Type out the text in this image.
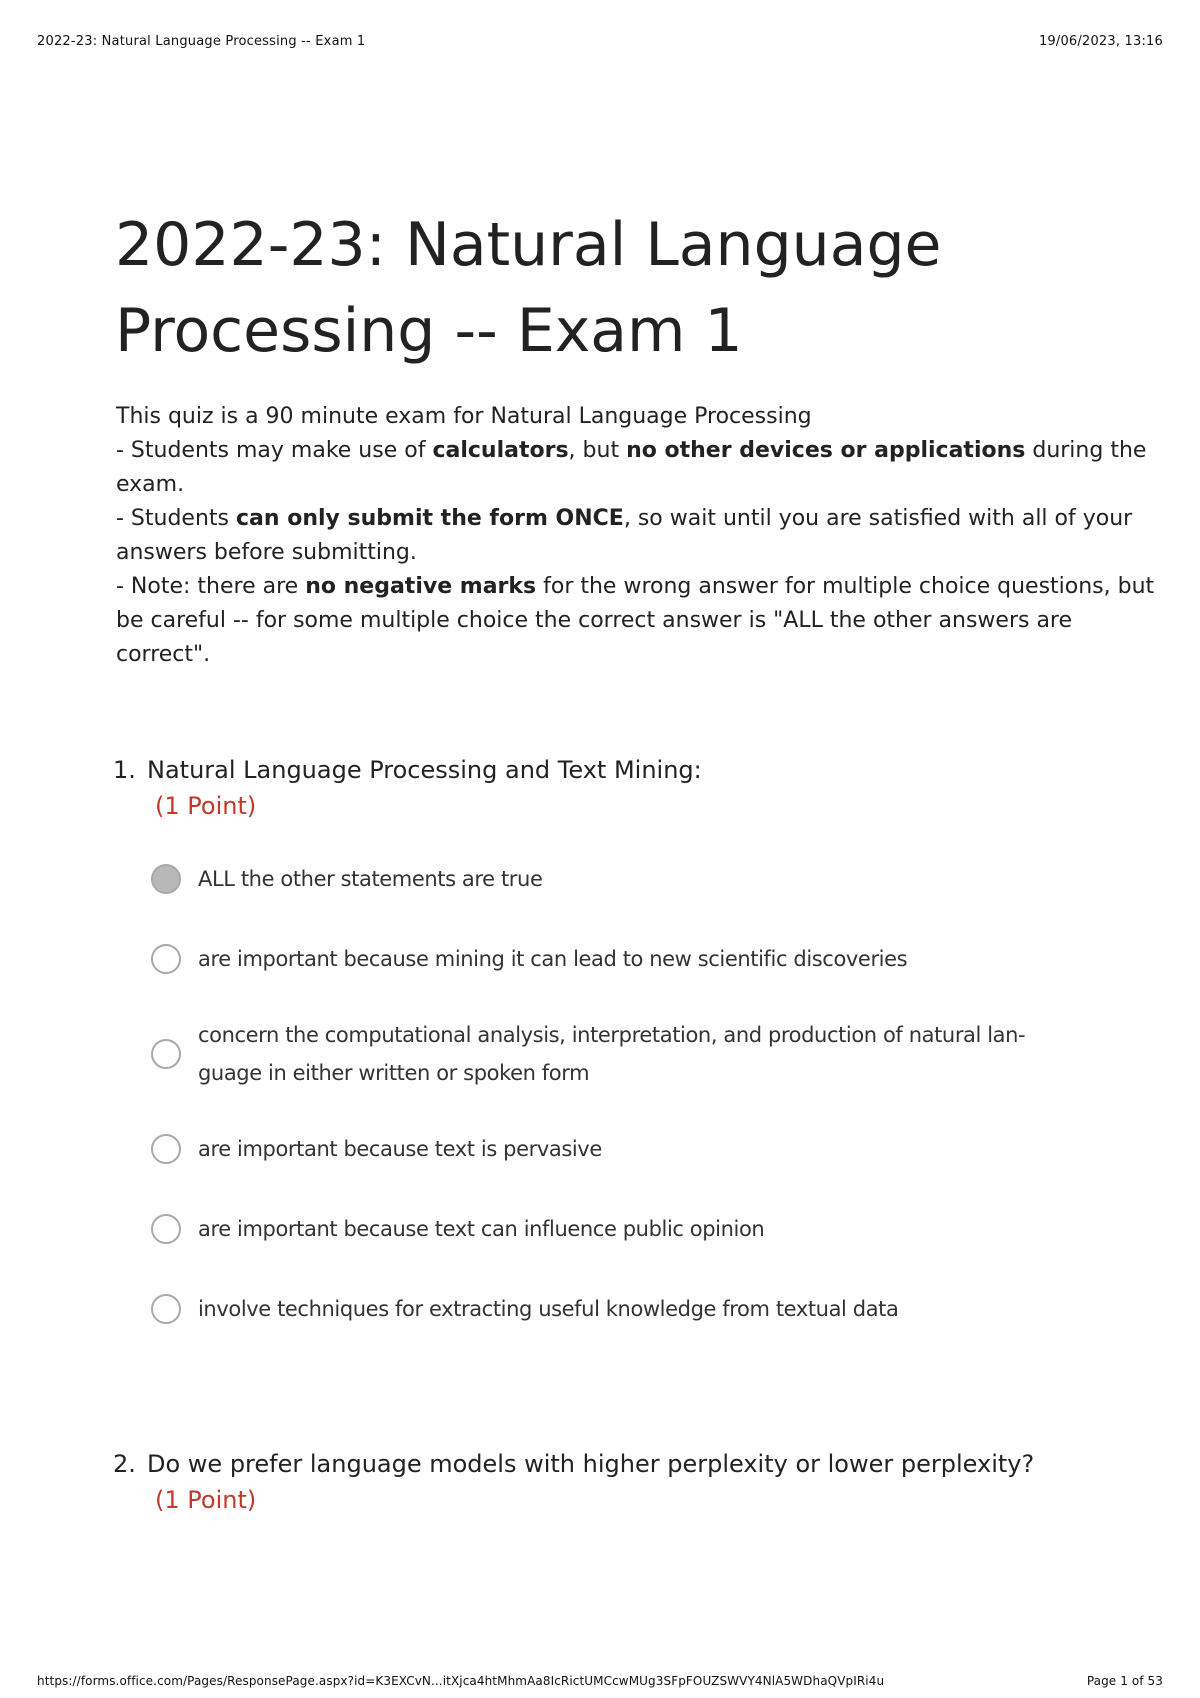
2022-23: Natural Language Processing -- Exam 1	19/06/2023, 13:16
2022-23: Natural Language Processing -- Exam 1

This quiz is a 90 minute exam for Natural Language Processing

- Students may make use of calculators, but no other devices or applications during the exam.

- Students can only submit the form ONCE, so wait until you are satisfied with all of your answers before submitting.

- Note: there are no negative marks for the wrong answer for multiple choice questions, but be careful -- for some multiple choice the correct answer is "ALL the other answers are correct".

1. Natural Language Processing and Text Mining:
(1 Point)
ALL the other statements are true
are important because mining it can lead to new scientific discoveries
concern the computational analysis, interpretation, and production of natural lan- guage in either written or spoken form
are important because text is pervasive
are important because text can influence public opinion
involve techniques for extracting useful knowledge from textual data
2. Do we prefer language models with higher perplexity or lower perplexity?
(1 Point)
https://forms.office.com/Pages/ResponsePage.aspx?id=K3EXCvN...itXjca4htMhmAa8IcRictUMCcwMUg3SFpFOUZSWVY4NlA5WDhaQVpIRi4u	Page 1 of 53
